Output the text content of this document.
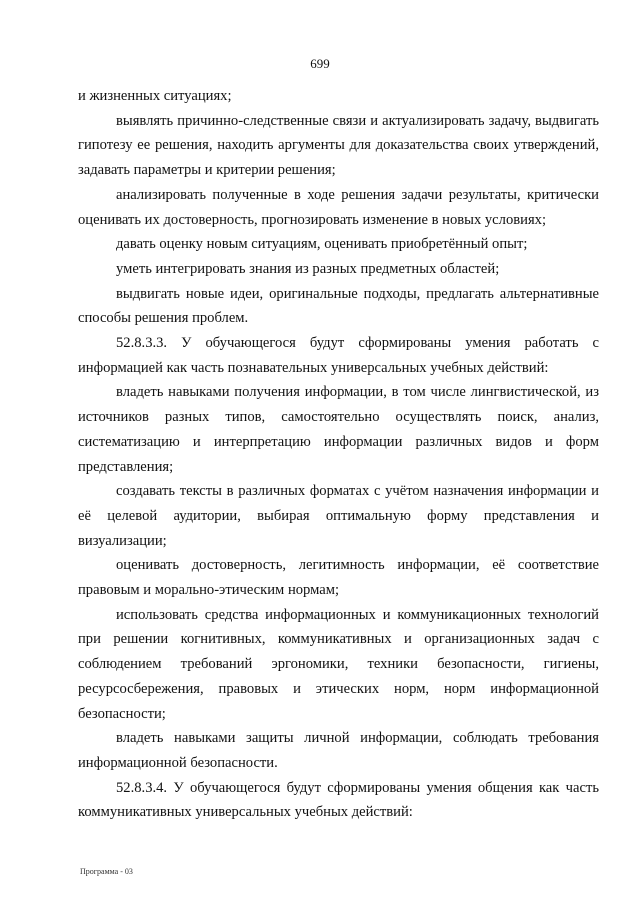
699

и жизненных ситуациях;

выявлять причинно-следственные связи и актуализировать задачу, выдвигать гипотезу ее решения, находить аргументы для доказательства своих утверждений, задавать параметры и критерии решения;

анализировать полученные в ходе решения задачи результаты, критически оценивать их достоверность, прогнозировать изменение в новых условиях;

давать оценку новым ситуациям, оценивать приобретённый опыт;

уметь интегрировать знания из разных предметных областей;

выдвигать новые идеи, оригинальные подходы, предлагать альтернативные способы решения проблем.

52.8.3.3. У обучающегося будут сформированы умения работать с информацией как часть познавательных универсальных учебных действий:

владеть навыками получения информации, в том числе лингвистической, из источников разных типов, самостоятельно осуществлять поиск, анализ, систематизацию и интерпретацию информации различных видов и форм представления;

создавать тексты в различных форматах с учётом назначения информации и её целевой аудитории, выбирая оптимальную форму представления и визуализации;

оценивать достоверность, легитимность информации, её соответствие правовым и морально-этическим нормам;

использовать средства информационных и коммуникационных технологий при решении когнитивных, коммуникативных и организационных задач с соблюдением требований эргономики, техники безопасности, гигиены, ресурсосбережения, правовых и этических норм, норм информационной безопасности;

владеть навыками защиты личной информации, соблюдать требования информационной безопасности.

52.8.3.4. У обучающегося будут сформированы умения общения как часть коммуникативных универсальных учебных действий:

Программа - 03
